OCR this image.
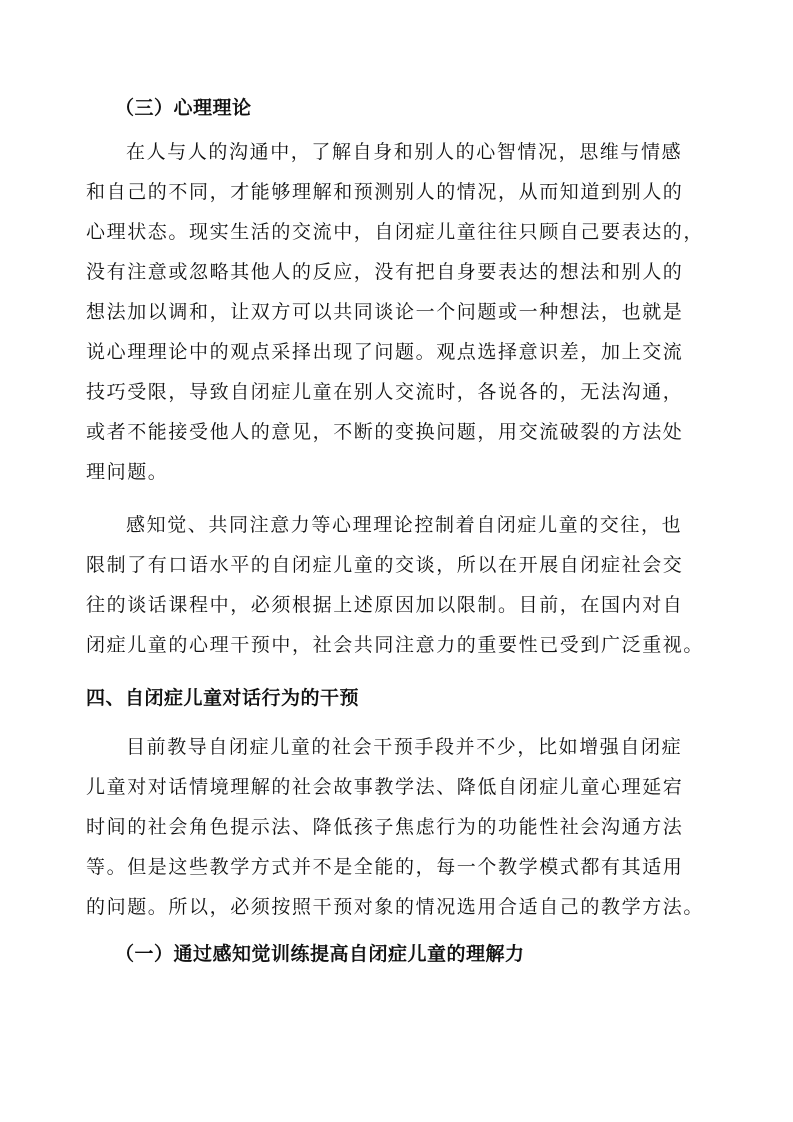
（三）心理理论
在人与人的沟通中，了解自身和别人的心智情况，思维与情感
和自己的不同，才能够理解和预测别人的情况，从而知道到别人的
心理状态。现实生活的交流中，自闭症儿童往往只顾自己要表达的，
没有注意或忽略其他人的反应，没有把自身要表达的想法和别人的
想法加以调和，让双方可以共同谈论一个问题或一种想法，也就是
说心理理论中的观点采择出现了问题。观点选择意识差，加上交流
技巧受限，导致自闭症儿童在别人交流时，各说各的，无法沟通，
或者不能接受他人的意见，不断的变换问题，用交流破裂的方法处
理问题。
感知觉、共同注意力等心理理论控制着自闭症儿童的交往，也
限制了有口语水平的自闭症儿童的交谈，所以在开展自闭症社会交
往的谈话课程中，必须根据上述原因加以限制。目前，在国内对自
闭症儿童的心理干预中，社会共同注意力的重要性已受到广泛重视。
四、自闭症儿童对话行为的干预
目前教导自闭症儿童的社会干预手段并不少，比如增强自闭症
儿童对对话情境理解的社会故事教学法、降低自闭症儿童心理延宕
时间的社会角色提示法、降低孩子焦虑行为的功能性社会沟通方法
等。但是这些教学方式并不是全能的，每一个教学模式都有其适用
的问题。所以，必须按照干预对象的情况选用合适自己的教学方法。
（一）通过感知觉训练提高自闭症儿童的理解力
